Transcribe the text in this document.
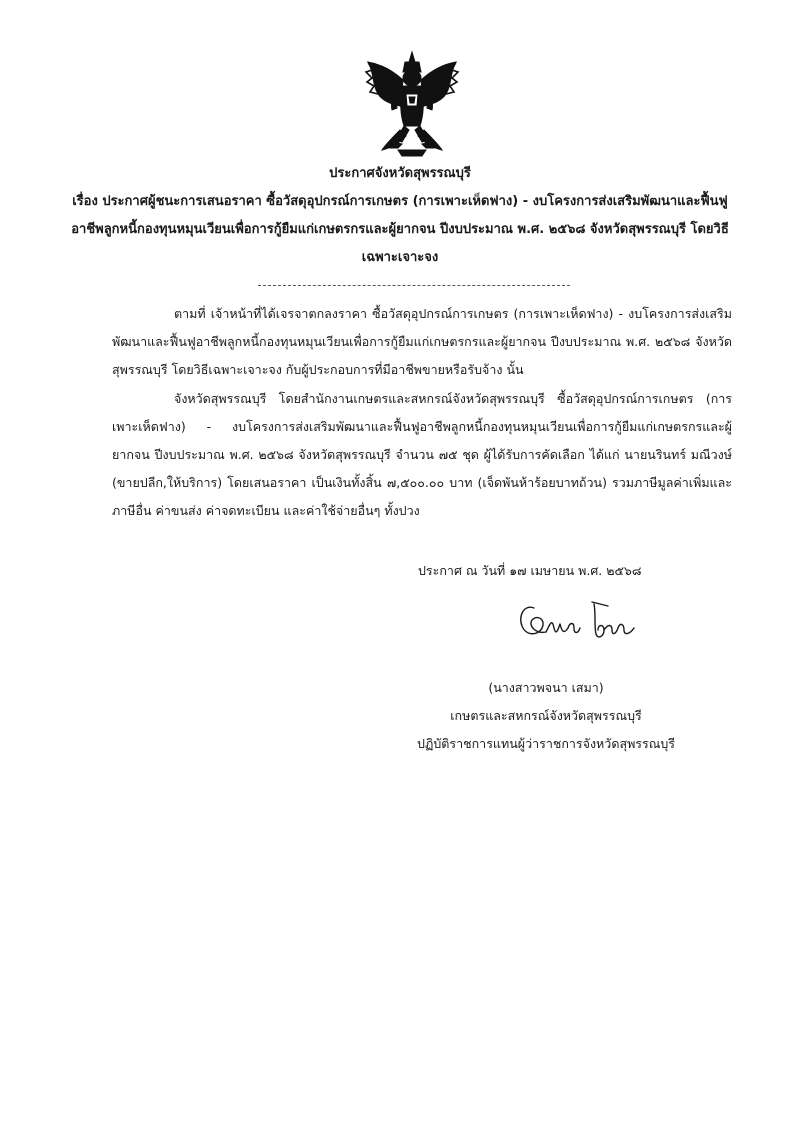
ประกาศจังหวัดสุพรรณบุรี
เรื่อง ประกาศผู้ชนะการเสนอราคา ซื้อวัสดุอุปกรณ์การเกษตร (การเพาะเห็ดฟาง) - งบโครงการส่งเสริมพัฒนาและฟื้นฟูอาชีพลูกหนี้กองทุนหมุนเวียนเพื่อการกู้ยืมแก่เกษตรกรและผู้ยากจน ปีงบประมาณ พ.ศ. ๒๕๖๘ จังหวัดสุพรรณบุรี โดยวิธีเฉพาะเจาะจง
ตามที่ เจ้าหน้าที่ได้เจรจาตกลงราคา ซื้อวัสดุอุปกรณ์การเกษตร (การเพาะเห็ดฟาง) - งบโครงการส่งเสริมพัฒนาและฟื้นฟูอาชีพลูกหนี้กองทุนหมุนเวียนเพื่อการกู้ยืมแก่เกษตรกรและผู้ยากจน ปีงบประมาณ พ.ศ. ๒๕๖๘ จังหวัดสุพรรณบุรี โดยวิธีเฉพาะเจาะจง กับผู้ประกอบการที่มีอาชีพขายหรือรับจ้าง นั้น
จังหวัดสุพรรณบุรี โดยสำนักงานเกษตรและสหกรณ์จังหวัดสุพรรณบุรี ซื้อวัสดุอุปกรณ์การเกษตร (การเพาะเห็ดฟาง) - งบโครงการส่งเสริมพัฒนาและฟื้นฟูอาชีพลูกหนี้กองทุนหมุนเวียนเพื่อการกู้ยืมแก่เกษตรกรและผู้ยากจน ปีงบประมาณ พ.ศ. ๒๕๖๘ จังหวัดสุพรรณบุรี จำนวน ๗๕ ชุด ผู้ได้รับการคัดเลือก ได้แก่ นายนรินทร์ มณีวงษ์ (ขายปลีก,ให้บริการ) โดยเสนอราคา เป็นเงินทั้งสิ้น ๗,๕๐๐.๐๐ บาท (เจ็ดพันห้าร้อยบาทถ้วน) รวมภาษีมูลค่าเพิ่มและภาษีอื่น ค่าขนส่ง ค่าจดทะเบียน และค่าใช้จ่ายอื่นๆ ทั้งปวง
ประกาศ ณ วันที่ ๑๗ เมษายน พ.ศ. ๒๕๖๘
(นางสาวพจนา เสมา)
เกษตรและสหกรณ์จังหวัดสุพรรณบุรี
ปฏิบัติราชการแทนผู้ว่าราชการจังหวัดสุพรรณบุรี
